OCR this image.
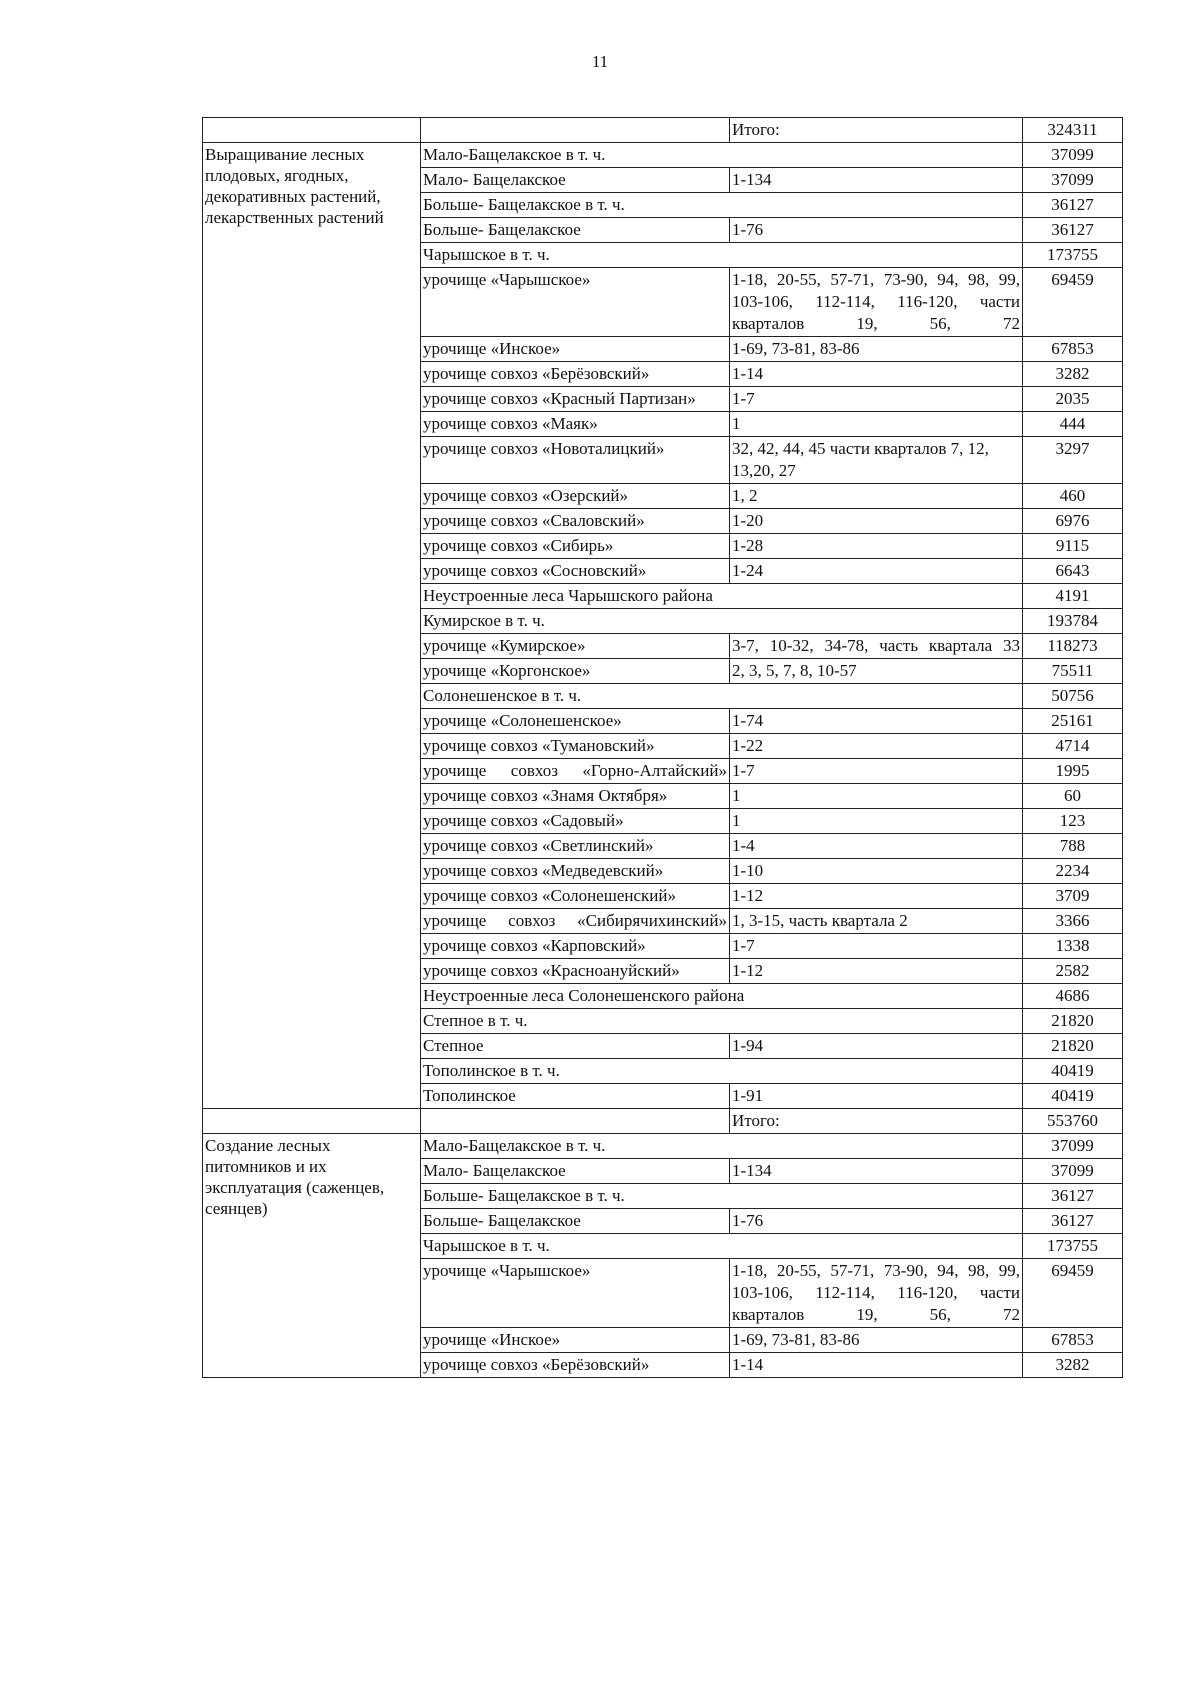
11
		Итого:	324311
Выращивание лесных плодовых, ягодных, декоративных растений, лекарственных растений	Мало-Бащелакское в т. ч.		37099
	Мало- Бащелакское	1-134	37099
	Больше- Бащелакское в т. ч.		36127
	Больше- Бащелакское	1-76	36127
	Чарышское в т. ч.		173755
	урочище «Чарышское»	1-18, 20-55, 57-71, 73-90, 94, 98, 99, 103-106, 112-114, 116-120, части кварталов 19, 56, 72	69459
	урочище «Инское»	1-69, 73-81, 83-86	67853
	урочище совхоз «Берёзовский»	1-14	3282
	урочище совхоз «Красный Партизан»	1-7	2035
	урочище совхоз «Маяк»	1	444
	урочище совхоз «Новоталицкий»	32, 42, 44, 45 части кварталов 7, 12, 13,20, 27	3297
	урочище совхоз «Озерский»	1, 2	460
	урочище совхоз «Сваловский»	1-20	6976
	урочище совхоз «Сибирь»	1-28	9115
	урочище совхоз «Сосновский»	1-24	6643
	Неустроенные леса Чарышского района		4191
	Кумирское в т. ч.		193784
	урочище «Кумирское»	3-7, 10-32, 34-78, часть квартала 33	118273
	урочище «Коргонское»	2, 3, 5, 7, 8, 10-57	75511
	Солонешенское в т. ч.		50756
	урочище «Солонешенское»	1-74	25161
	урочище совхоз «Тумановский»	1-22	4714
	урочище совхоз «Горно-Алтайский»	1-7	1995
	урочище совхоз «Знамя Октября»	1	60
	урочище совхоз «Садовый»	1	123
	урочище совхоз «Светлинский»	1-4	788
	урочище совхоз «Медведевский»	1-10	2234
	урочище совхоз «Солонешенский»	1-12	3709
	урочище совхоз «Сибирячихинский»	1, 3-15, часть квартала 2	3366
	урочище совхоз «Карповский»	1-7	1338
	урочище совхоз «Красноануйский»	1-12	2582
	Неустроенные леса Солонешенского района		4686
	Степное в т. ч.		21820
	Степное	1-94	21820
	Тополинское в т. ч.		40419
	Тополинское	1-91	40419
		Итого:	553760
Создание лесных питомников и их эксплуатация (саженцев, сеянцев)	Мало-Бащелакское в т. ч.		37099
	Мало- Бащелакское	1-134	37099
	Больше- Бащелакское в т. ч.		36127
	Больше- Бащелакское	1-76	36127
	Чарышское в т. ч.		173755
	урочище «Чарышское»	1-18, 20-55, 57-71, 73-90, 94, 98, 99, 103-106, 112-114, 116-120, части кварталов 19, 56, 72	69459
	урочище «Инское»	1-69, 73-81, 83-86	67853
	урочище совхоз «Берёзовский»	1-14	3282
